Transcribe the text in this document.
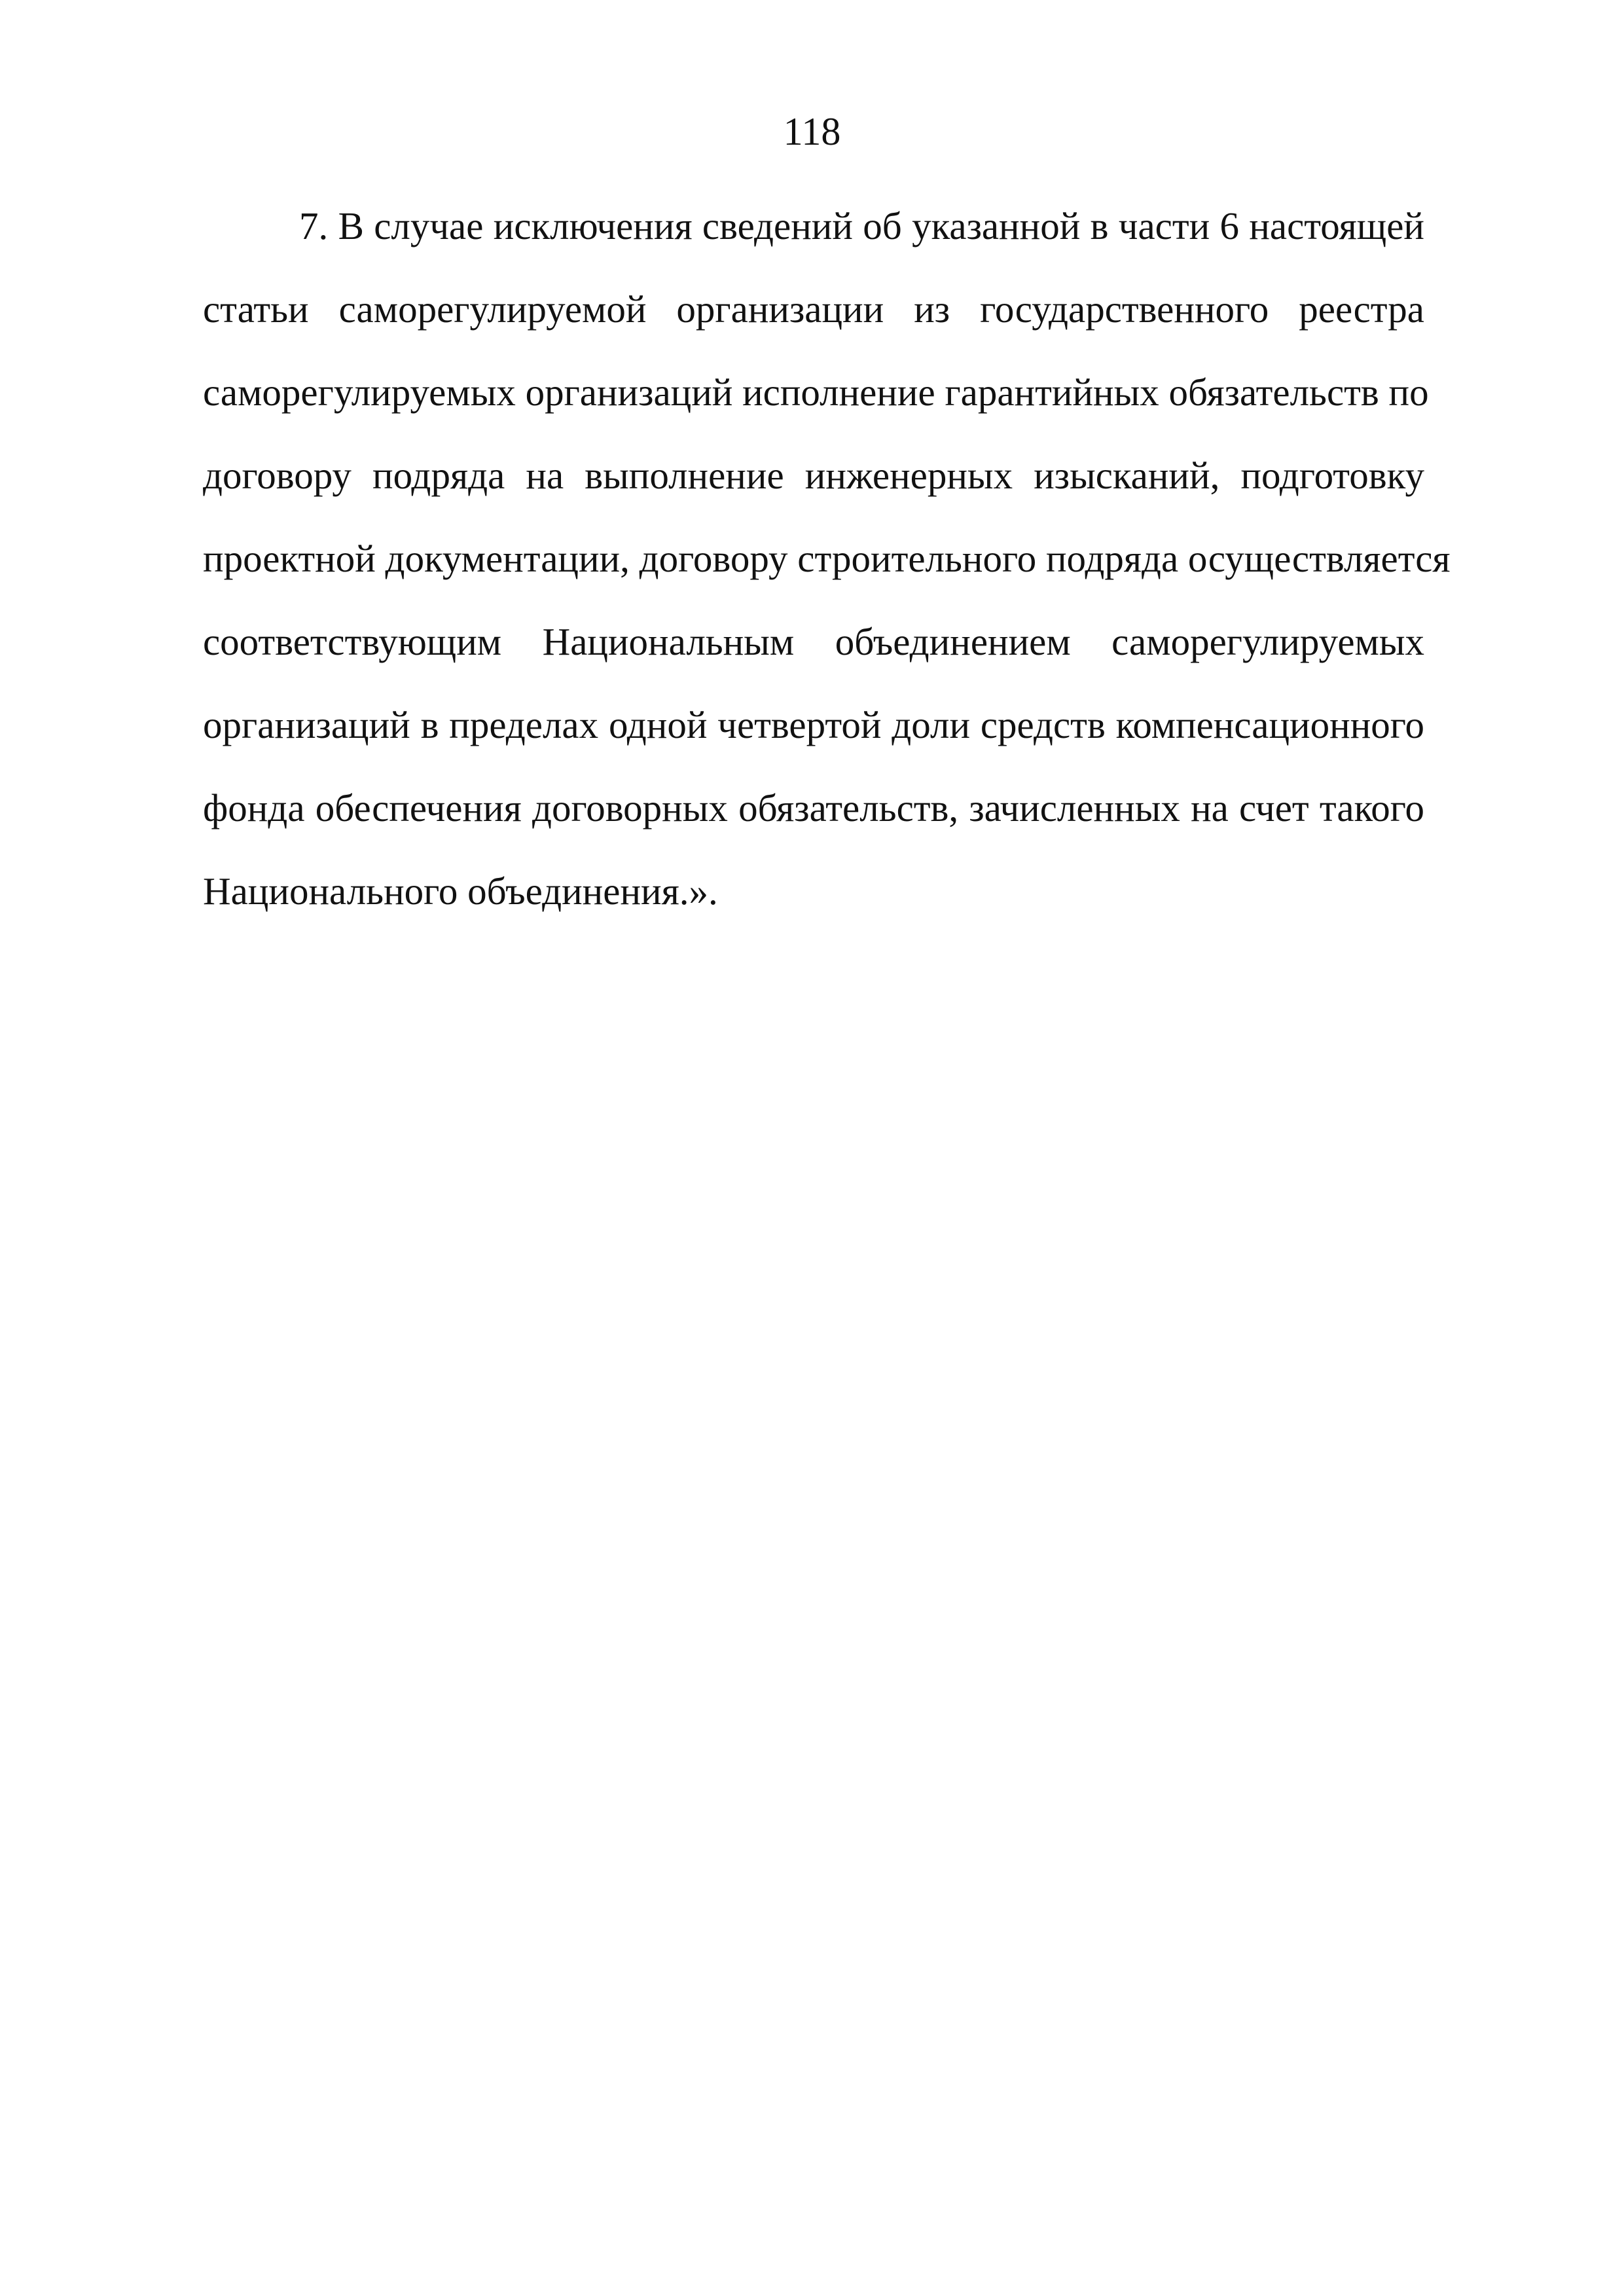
118
7. В случае исключения сведений об указанной в части 6 настоящей
статьи саморегулируемой организации из государственного реестра
саморегулируемых организаций исполнение гарантийных обязательств по
договору подряда на выполнение инженерных изысканий, подготовку
проектной документации, договору строительного подряда осуществляется
соответствующим Национальным объединением саморегулируемых
организаций в пределах одной четвертой доли средств компенсационного
фонда обеспечения договорных обязательств, зачисленных на счет такого
Национального объединения.».
